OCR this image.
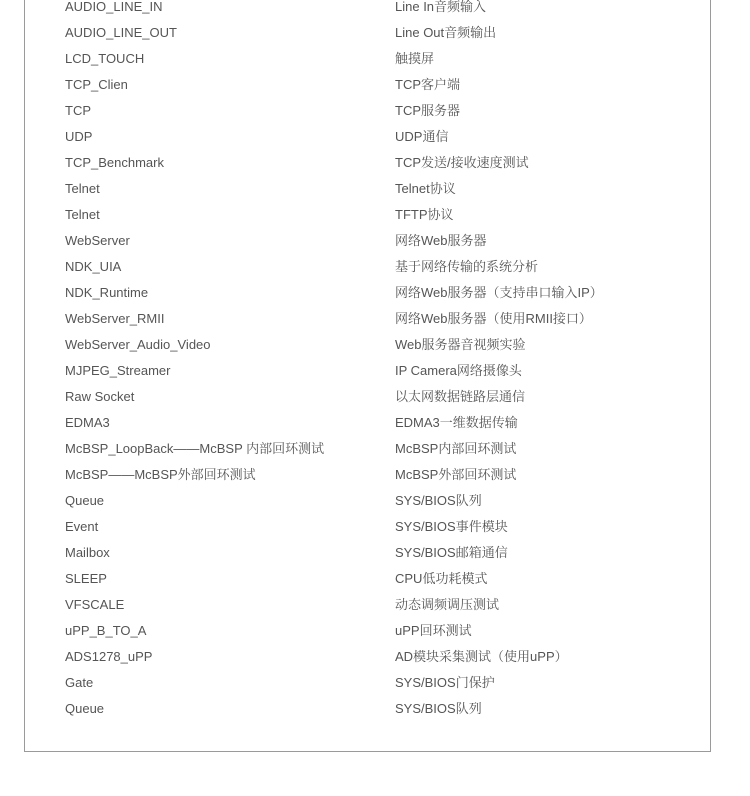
AUDIO_LINE_IN	Line In音频输入
AUDIO_LINE_OUT	Line Out音频输出
LCD_TOUCH	触摸屏
TCP_Clien	TCP客户端
TCP	TCP服务器
UDP	UDP通信
TCP_Benchmark	TCP发送/接收速度测试
Telnet	Telnet协议
Telnet	TFTP协议
WebServer	网络Web服务器
NDK_UIA	基于网络传输的系统分析
NDK_Runtime	网络Web服务器（支持串口输入IP）
WebServer_RMII	网络Web服务器（使用RMII接口）
WebServer_Audio_Video	Web服务器音视频实验
MJPEG_Streamer	IP Camera网络摄像头
Raw Socket	以太网数据链路层通信
EDMA3	EDMA3一维数据传输
McBSP_LoopBack——McBSP 内部回环测试	McBSP内部回环测试
McBSP——McBSP外部回环测试	McBSP外部回环测试
Queue	SYS/BIOS队列
Event	SYS/BIOS事件模块
Mailbox	SYS/BIOS邮箱通信
SLEEP	CPU低功耗模式
VFSCALE	动态调频调压测试
uPP_B_TO_A	uPP回环测试
ADS1278_uPP	AD模块采集测试（使用uPP）
Gate	SYS/BIOS门保护
Queue	SYS/BIOS队列
